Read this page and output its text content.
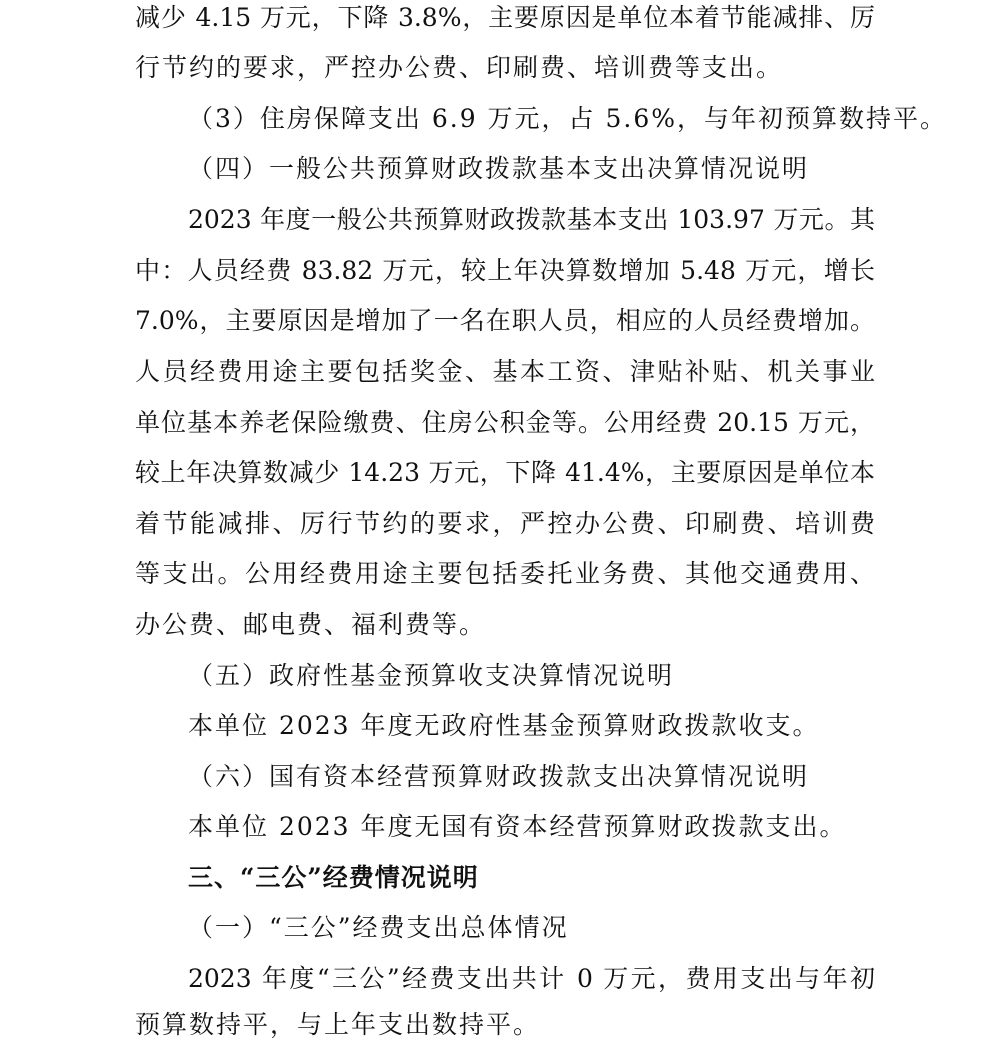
减少 4.15 万元，下降 3.8%，主要原因是单位本着节能减排、厉
行节约的要求，严控办公费、印刷费、培训费等支出。
（3）住房保障支出 6.9 万元，占 5.6%，与年初预算数持平。
（四）一般公共预算财政拨款基本支出决算情况说明
2023 年度一般公共预算财政拨款基本支出 103.97 万元。其
中：人员经费 83.82 万元，较上年决算数增加 5.48 万元，增长
7.0%，主要原因是增加了一名在职人员，相应的人员经费增加。
人员经费用途主要包括奖金、基本工资、津贴补贴、机关事业
单位基本养老保险缴费、住房公积金等。公用经费 20.15 万元，
较上年决算数减少 14.23 万元，下降 41.4%，主要原因是单位本
着节能减排、厉行节约的要求，严控办公费、印刷费、培训费
等支出。公用经费用途主要包括委托业务费、其他交通费用、
办公费、邮电费、福利费等。
（五）政府性基金预算收支决算情况说明
本单位 2023 年度无政府性基金预算财政拨款收支。
（六）国有资本经营预算财政拨款支出决算情况说明
本单位 2023 年度无国有资本经营预算财政拨款支出。
三、“三公”经费情况说明
（一）“三公”经费支出总体情况
2023 年度“三公”经费支出共计 0 万元，费用支出与年初
预算数持平，与上年支出数持平。
